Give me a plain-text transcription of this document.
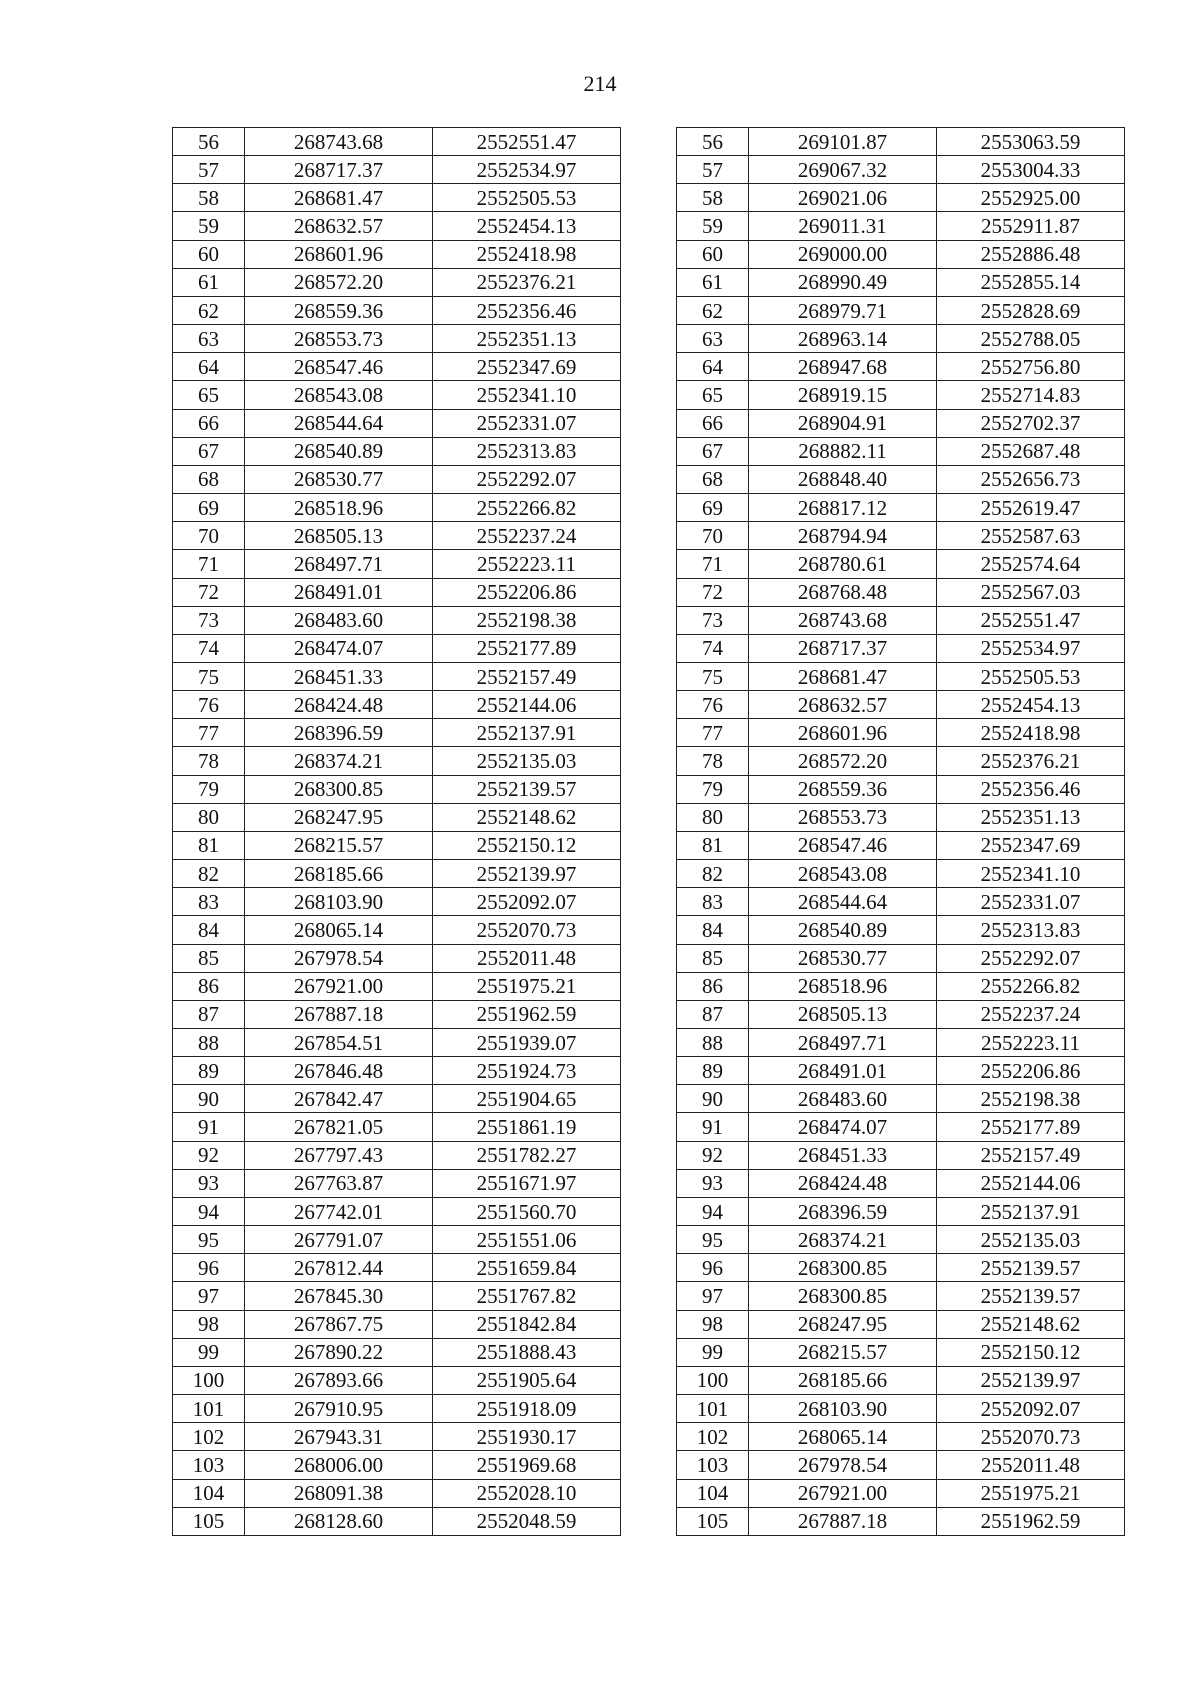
214
56	268743.68	2552551.47		56	269101.87	2553063.59
57	268717.37	2552534.97		57	269067.32	2553004.33
58	268681.47	2552505.53		58	269021.06	2552925.00
59	268632.57	2552454.13		59	269011.31	2552911.87
60	268601.96	2552418.98		60	269000.00	2552886.48
61	268572.20	2552376.21		61	268990.49	2552855.14
62	268559.36	2552356.46		62	268979.71	2552828.69
63	268553.73	2552351.13		63	268963.14	2552788.05
64	268547.46	2552347.69		64	268947.68	2552756.80
65	268543.08	2552341.10		65	268919.15	2552714.83
66	268544.64	2552331.07		66	268904.91	2552702.37
67	268540.89	2552313.83		67	268882.11	2552687.48
68	268530.77	2552292.07		68	268848.40	2552656.73
69	268518.96	2552266.82		69	268817.12	2552619.47
70	268505.13	2552237.24		70	268794.94	2552587.63
71	268497.71	2552223.11		71	268780.61	2552574.64
72	268491.01	2552206.86		72	268768.48	2552567.03
73	268483.60	2552198.38		73	268743.68	2552551.47
74	268474.07	2552177.89		74	268717.37	2552534.97
75	268451.33	2552157.49		75	268681.47	2552505.53
76	268424.48	2552144.06		76	268632.57	2552454.13
77	268396.59	2552137.91		77	268601.96	2552418.98
78	268374.21	2552135.03		78	268572.20	2552376.21
79	268300.85	2552139.57		79	268559.36	2552356.46
80	268247.95	2552148.62		80	268553.73	2552351.13
81	268215.57	2552150.12		81	268547.46	2552347.69
82	268185.66	2552139.97		82	268543.08	2552341.10
83	268103.90	2552092.07		83	268544.64	2552331.07
84	268065.14	2552070.73		84	268540.89	2552313.83
85	267978.54	2552011.48		85	268530.77	2552292.07
86	267921.00	2551975.21		86	268518.96	2552266.82
87	267887.18	2551962.59		87	268505.13	2552237.24
88	267854.51	2551939.07		88	268497.71	2552223.11
89	267846.48	2551924.73		89	268491.01	2552206.86
90	267842.47	2551904.65		90	268483.60	2552198.38
91	267821.05	2551861.19		91	268474.07	2552177.89
92	267797.43	2551782.27		92	268451.33	2552157.49
93	267763.87	2551671.97		93	268424.48	2552144.06
94	267742.01	2551560.70		94	268396.59	2552137.91
95	267791.07	2551551.06		95	268374.21	2552135.03
96	267812.44	2551659.84		96	268300.85	2552139.57
97	267845.30	2551767.82		97	268300.85	2552139.57
98	267867.75	2551842.84		98	268247.95	2552148.62
99	267890.22	2551888.43		99	268215.57	2552150.12
100	267893.66	2551905.64		100	268185.66	2552139.97
101	267910.95	2551918.09		101	268103.90	2552092.07
102	267943.31	2551930.17		102	268065.14	2552070.73
103	268006.00	2551969.68		103	267978.54	2552011.48
104	268091.38	2552028.10		104	267921.00	2551975.21
105	268128.60	2552048.59		105	267887.18	2551962.59
